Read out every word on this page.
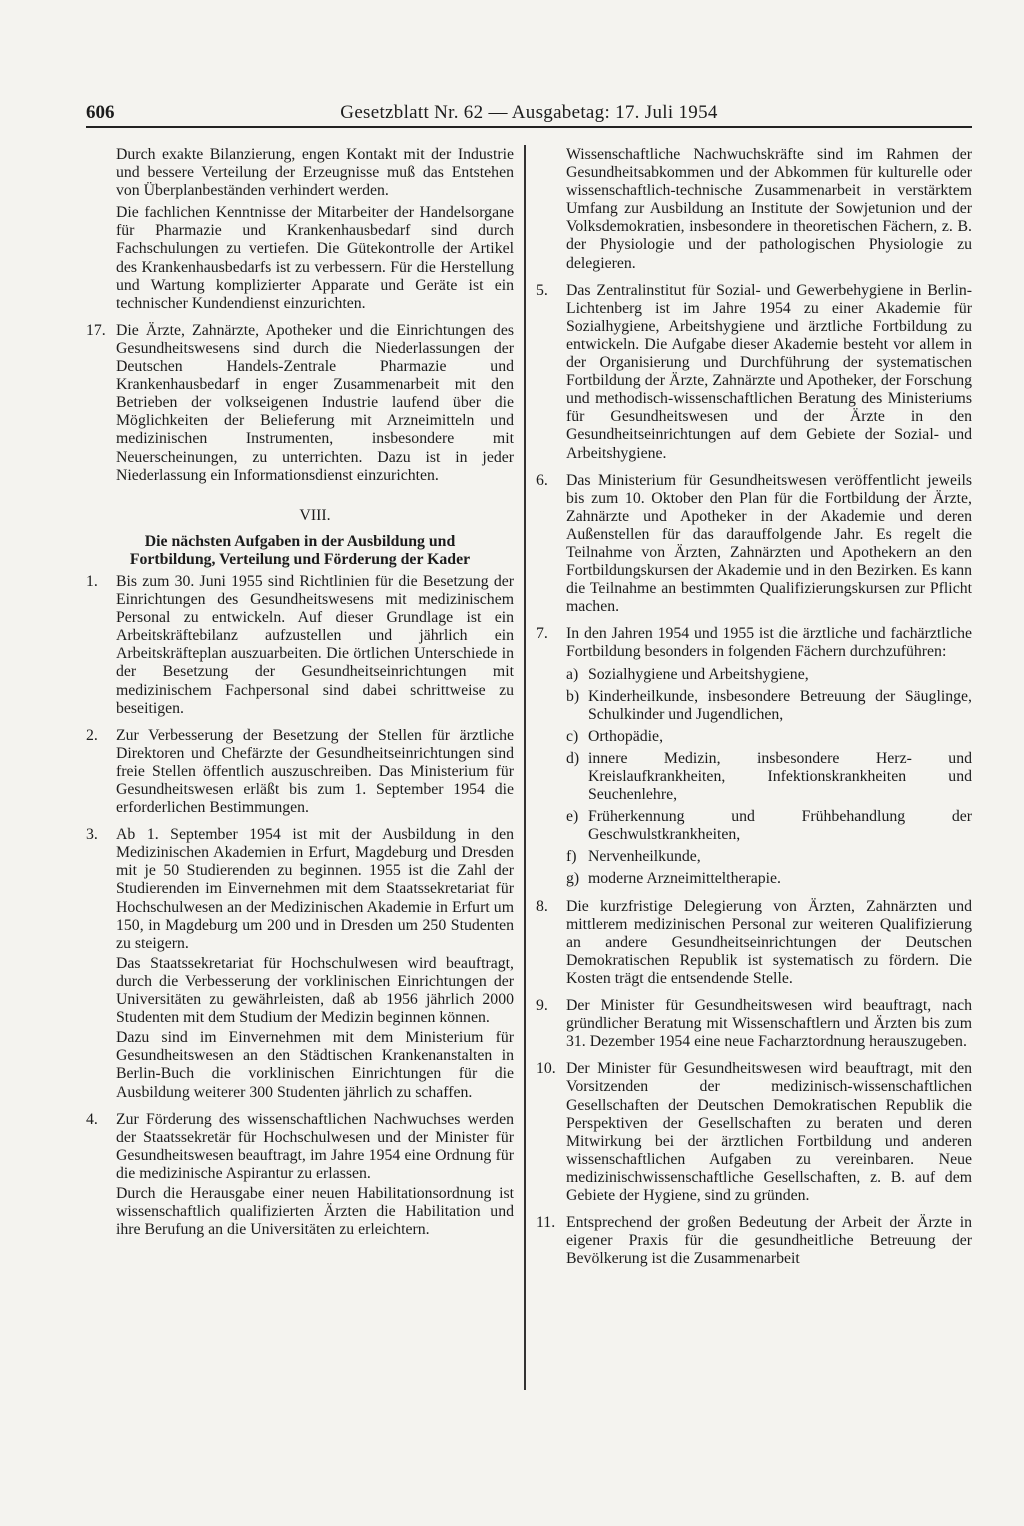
606	Gesetzblatt Nr. 62 — Ausgabetag: 17. Juli 1954

Durch exakte Bilanzierung, engen Kontakt mit der Industrie und bessere Verteilung der Erzeugnisse muß das Entstehen von Überplanbeständen verhindert werden.

Die fachlichen Kenntnisse der Mitarbeiter der Handelsorgane für Pharmazie und Krankenhausbedarf sind durch Fachschulungen zu vertiefen. Die Gütekontrolle der Artikel des Krankenhausbedarfs ist zu verbessern. Für die Herstellung und Wartung komplizierter Apparate und Geräte ist ein technischer Kundendienst einzurichten.

17. Die Ärzte, Zahnärzte, Apotheker und die Einrichtungen des Gesundheitswesens sind durch die Niederlassungen der Deutschen Handels-Zentrale Pharmazie und Krankenhausbedarf in enger Zusammenarbeit mit den Betrieben der volkseigenen Industrie laufend über die Möglichkeiten der Belieferung mit Arzneimitteln und medizinischen Instrumenten, insbesondere mit Neuerscheinungen, zu unterrichten. Dazu ist in jeder Niederlassung ein Informationsdienst einzurichten.

VIII.
Die nächsten Aufgaben in der Ausbildung und
Fortbildung, Verteilung und Förderung der Kader
1. Bis zum 30. Juni 1955 sind Richtlinien für die Besetzung der Einrichtungen des Gesundheitswesens mit medizinischem Personal zu entwickeln. Auf dieser Grundlage ist ein Arbeitskräftebilanz aufzustellen und jährlich ein Arbeitskräfteplan auszuarbeiten. Die örtlichen Unterschiede in der Besetzung der Gesundheitseinrichtungen mit medizinischem Fachpersonal sind dabei schrittweise zu beseitigen.

2. Zur Verbesserung der Besetzung der Stellen für ärztliche Direktoren und Chefärzte der Gesundheitseinrichtungen sind freie Stellen öffentlich auszuschreiben. Das Ministerium für Gesundheitswesen erläßt bis zum 1. September 1954 die erforderlichen Bestimmungen.

3. Ab 1. September 1954 ist mit der Ausbildung in den Medizinischen Akademien in Erfurt, Magdeburg und Dresden mit je 50 Studierenden zu beginnen. 1955 ist die Zahl der Studierenden im Einvernehmen mit dem Staatssekretariat für Hochschulwesen an der Medizinischen Akademie in Erfurt um 150, in Magdeburg um 200 und in Dresden um 250 Studenten zu steigern.

Das Staatssekretariat für Hochschulwesen wird beauftragt, durch die Verbesserung der vorklinischen Einrichtungen der Universitäten zu gewährleisten, daß ab 1956 jährlich 2000 Studenten mit dem Studium der Medizin beginnen können.

Dazu sind im Einvernehmen mit dem Ministerium für Gesundheitswesen an den Städtischen Krankenanstalten in Berlin-Buch die vorklinischen Einrichtungen für die Ausbildung weiterer 300 Studenten jährlich zu schaffen.

4. Zur Förderung des wissenschaftlichen Nachwuchses werden der Staatssekretär für Hochschulwesen und der Minister für Gesundheitswesen beauftragt, im Jahre 1954 eine Ordnung für die medizinische Aspirantur zu erlassen.

Durch die Herausgabe einer neuen Habilitationsordnung ist wissenschaftlich qualifizierten Ärzten die Habilitation und ihre Berufung an die Universitäten zu erleichtern.

Wissenschaftliche Nachwuchskräfte sind im Rahmen der Gesundheitsabkommen und der Abkommen für kulturelle oder wissenschaftlich-technische Zusammenarbeit in verstärktem Umfang zur Ausbildung an Institute der Sowjetunion und der Volksdemokratien, insbesondere in theoretischen Fächern, z. B. der Physiologie und der pathologischen Physiologie zu delegieren.

5. Das Zentralinstitut für Sozial- und Gewerbehygiene in Berlin-Lichtenberg ist im Jahre 1954 zu einer Akademie für Sozialhygiene, Arbeitshygiene und ärztliche Fortbildung zu entwickeln. Die Aufgabe dieser Akademie besteht vor allem in der Organisierung und Durchführung der systematischen Fortbildung der Ärzte, Zahnärzte und Apotheker, der Forschung und methodisch-wissenschaftlichen Beratung des Ministeriums für Gesundheitswesen und der Ärzte in den Gesundheitseinrichtungen auf dem Gebiete der Sozial- und Arbeitshygiene.

6. Das Ministerium für Gesundheitswesen veröffentlicht jeweils bis zum 10. Oktober den Plan für die Fortbildung der Ärzte, Zahnärzte und Apotheker in der Akademie und deren Außenstellen für das darauffolgende Jahr. Es regelt die Teilnahme von Ärzten, Zahnärzten und Apothekern an den Fortbildungskursen der Akademie und in den Bezirken. Es kann die Teilnahme an bestimmten Qualifizierungskursen zur Pflicht machen.

7. In den Jahren 1954 und 1955 ist die ärztliche und fachärztliche Fortbildung besonders in folgenden Fächern durchzuführen:

a) Sozialhygiene und Arbeitshygiene,
b) Kinderheilkunde, insbesondere Betreuung der Säuglinge, Schulkinder und Jugendlichen,
c) Orthopädie,
d) innere Medizin, insbesondere Herz- und Kreislaufkrankheiten, Infektionskrankheiten und Seuchenlehre,
e) Früherkennung und Frühbehandlung der Geschwulstkrankheiten,
f) Nervenheilkunde,
g) moderne Arzneimitteltherapie.
8. Die kurzfristige Delegierung von Ärzten, Zahnärzten und mittlerem medizinischen Personal zur weiteren Qualifizierung an andere Gesundheitseinrichtungen der Deutschen Demokratischen Republik ist systematisch zu fördern. Die Kosten trägt die entsendende Stelle.

9. Der Minister für Gesundheitswesen wird beauftragt, nach gründlicher Beratung mit Wissenschaftlern und Ärzten bis zum 31. Dezember 1954 eine neue Facharztordnung herauszugeben.

10. Der Minister für Gesundheitswesen wird beauftragt, mit den Vorsitzenden der medizinisch-wissenschaftlichen Gesellschaften der Deutschen Demokratischen Republik die Perspektiven der Gesellschaften zu beraten und deren Mitwirkung bei der ärztlichen Fortbildung und anderen wissenschaftlichen Aufgaben zu vereinbaren. Neue medizinischwissenschaftliche Gesellschaften, z. B. auf dem Gebiete der Hygiene, sind zu gründen.

11. Entsprechend der großen Bedeutung der Arbeit der Ärzte in eigener Praxis für die gesundheitliche Betreuung der Bevölkerung ist die Zusammenarbeit
